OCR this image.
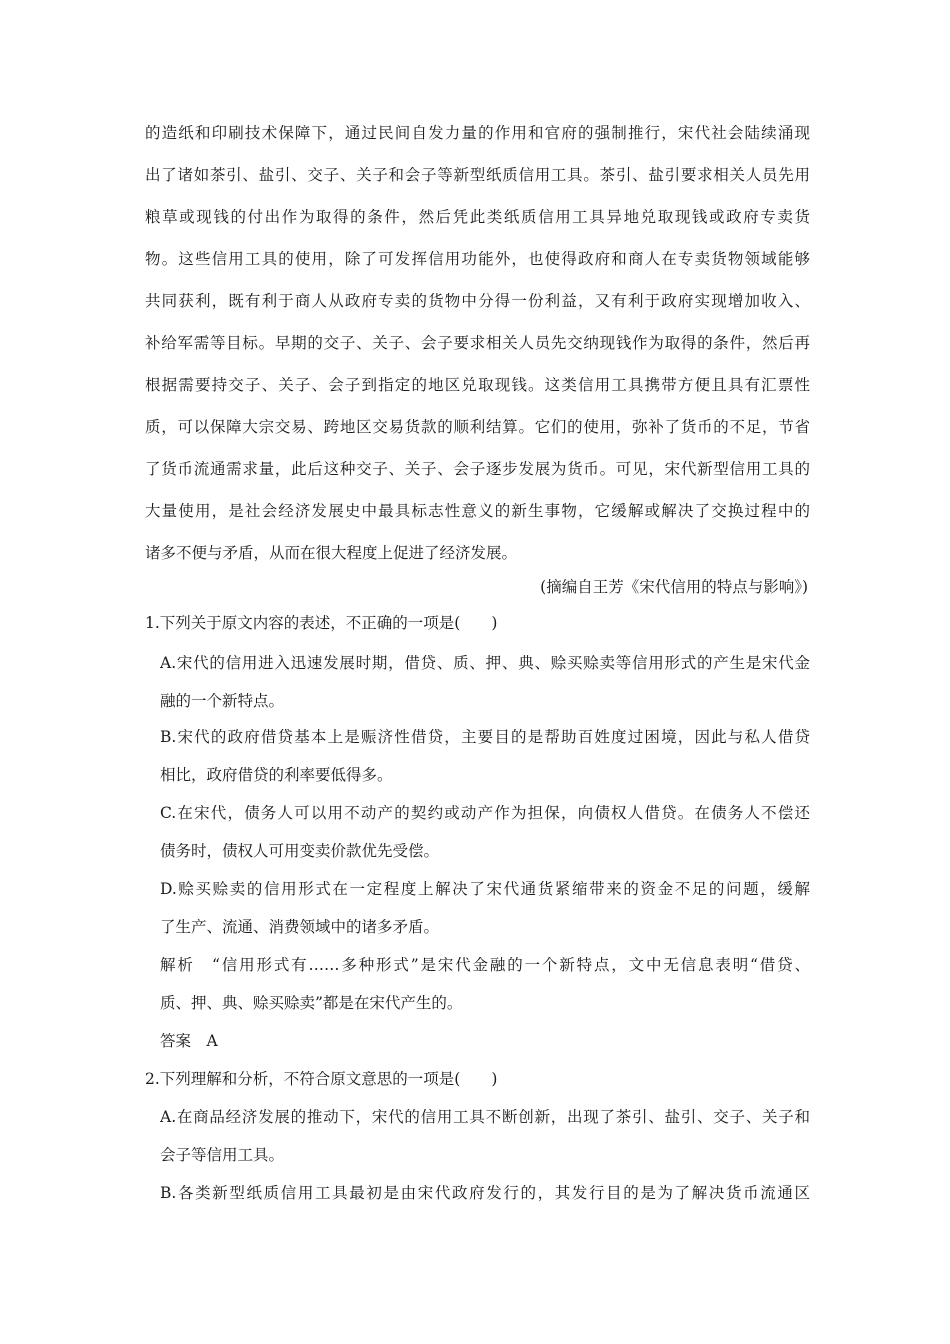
的造纸和印刷技术保障下，通过民间自发力量的作用和官府的强制推行，宋代社会陆续涌现
出了诸如茶引、盐引、交子、关子和会子等新型纸质信用工具。茶引、盐引要求相关人员先用
粮草或现钱的付出作为取得的条件，然后凭此类纸质信用工具异地兑取现钱或政府专卖货
物。这些信用工具的使用，除了可发挥信用功能外，也使得政府和商人在专卖货物领域能够
共同获利，既有利于商人从政府专卖的货物中分得一份利益，又有利于政府实现增加收入、
补给军需等目标。早期的交子、关子、会子要求相关人员先交纳现钱作为取得的条件，然后再
根据需要持交子、关子、会子到指定的地区兑取现钱。这类信用工具携带方便且具有汇票性
质，可以保障大宗交易、跨地区交易货款的顺利结算。它们的使用，弥补了货币的不足，节省
了货币流通需求量，此后这种交子、关子、会子逐步发展为货币。可见，宋代新型信用工具的
大量使用，是社会经济发展史中最具标志性意义的新生事物，它缓解或解决了交换过程中的
诸多不便与矛盾，从而在很大程度上促进了经济发展。
(摘编自王芳《宋代信用的特点与影响》)
1.下列关于原文内容的表述，不正确的一项是(　　)
A.宋代的信用进入迅速发展时期，借贷、质、押、典、赊买赊卖等信用形式的产生是宋代金
融的一个新特点。
B.宋代的政府借贷基本上是赈济性借贷，主要目的是帮助百姓度过困境，因此与私人借贷
相比，政府借贷的利率要低得多。
C.在宋代，债务人可以用不动产的契约或动产作为担保，向债权人借贷。在债务人不偿还
债务时，债权人可用变卖价款优先受偿。
D.赊买赊卖的信用形式在一定程度上解决了宋代通货紧缩带来的资金不足的问题，缓解
了生产、流通、消费领域中的诸多矛盾。
解析　“信用形式有……多种形式”是宋代金融的一个新特点，文中无信息表明“借贷、
质、押、典、赊买赊卖”都是在宋代产生的。
答案　A
2.下列理解和分析，不符合原文意思的一项是(　　)
A.在商品经济发展的推动下，宋代的信用工具不断创新，出现了茶引、盐引、交子、关子和
会子等信用工具。
B.各类新型纸质信用工具最初是由宋代政府发行的，其发行目的是为了解决货币流通区
